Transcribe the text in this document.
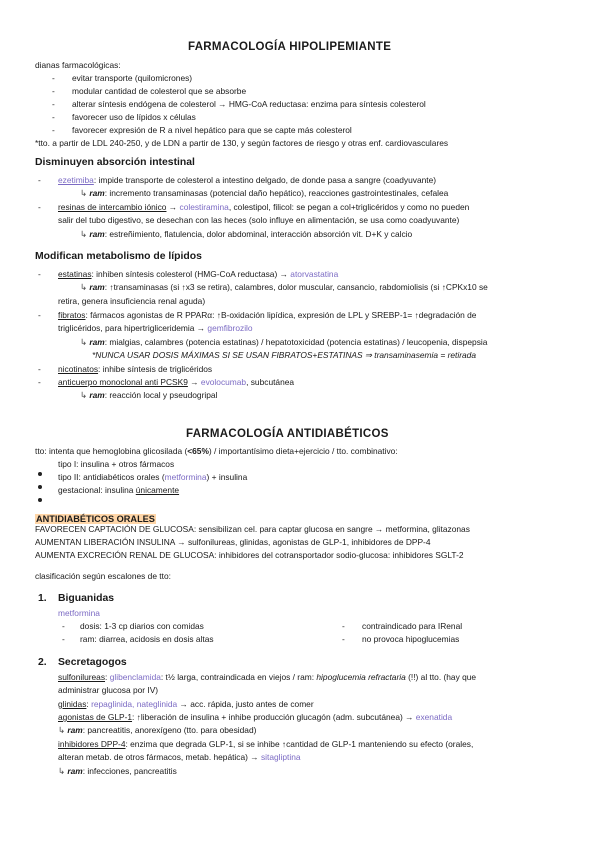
FARMACOLOGÍA HIPOLIPEMIANTE
dianas farmacológicas:
- evitar transporte (quilomicrones)
- modular cantidad de colesterol que se absorbe
- alterar síntesis endógena de colesterol → HMG-CoA reductasa: enzima para síntesis colesterol
- favorecer uso de lípidos x células
- favorecer expresión de R a nivel hepático para que se capte más colesterol
*tto. a partir de LDL 240-250, y de LDN a partir de 130, y según factores de riesgo y otras enf. cardiovasculares
Disminuyen absorción intestinal
- ezetimiba: impide transporte de colesterol a intestino delgado, de donde pasa a sangre (coadyuvante)
↳ ram: incremento transaminasas (potencial daño hepático), reacciones gastrointestinales, cefalea
- resinas de intercambio iónico → colestiramina, colestipol, filicol: se pegan a col+triglicéridos y como no pueden
salir del tubo digestivo, se desechan con las heces (solo influye en alimentación, se usa como coadyuvante)
↳ ram: estreñimiento, flatulencia, dolor abdominal, interacción absorción vit. D+K y calcio
Modifican metabolismo de lípidos
- estatinas: inhiben síntesis colesterol (HMG-CoA reductasa) → atorvastatina
↳ ram: ↑transaminasas (si ↑x3 se retira), calambres, dolor muscular, cansancio, rabdomiolisis (si ↑CPKx10 se
retira, genera insuficiencia renal aguda)
- fibratos: fármacos agonistas de R PPARα: ↑B-oxidación lipídica, expresión de LPL y SREBP-1= ↑degradación de
triglicéridos, para hipertrigliceridemia → gemfibrozilo
↳ ram: mialgias, calambres (potencia estatinas) / hepatotoxicidad (potencia estatinas) / leucopenia, dispepsia
*NUNCA USAR DOSIS MÁXIMAS SI SE USAN FIBRATOS+ESTATINAS ⇒ transaminasemia = retirada
- nicotinatos: inhibe síntesis de triglicéridos
- anticuerpo monoclonal anti PCSK9 → evolocumab, subcutánea
↳ ram: reacción local y pseudogripal
FARMACOLOGÍA ANTIDIABÉTICOS
tto: intenta que hemoglobina glicosilada (<65%) / importantísimo dieta+ejercicio / tto. combinativo:
tipo I: insulina + otros fármacos
tipo II: antidiabéticos orales (metformina) + insulina
gestacional: insulina únicamente
ANTIDIABÉTICOS ORALES
FAVORECEN CAPTACIÓN DE GLUCOSA: sensibilizan cel. para captar glucosa en sangre → metformina, glitazonas
AUMENTAN LIBERACIÓN INSULINA → sulfonilureas, glinidas, agonistas de GLP-1, inhibidores de DPP-4
AUMENTA EXCRECIÓN RENAL DE GLUCOSA: inhibidores del cotransportador sodio-glucosa: inhibidores SGLT-2
clasificación según escalones de tto:
1. Biguanidas
metformina
- dosis: 1-3 cp diarios con comidas
- ram: diarrea, acidosis en dosis altas
- contraindicado para IRenal
- no provoca hipoglucemias
2. Secretagogos
sulfonilureas: glibenclamida: t½ larga, contraindicada en viejos / ram: hipoglucemia refractaria (!!) al tto. (hay que
administrar glucosa por IV)
glinidas: repaglinida, nateglinida → acc. rápida, justo antes de comer
agonistas de GLP-1: ↑liberación de insulina + inhibe producción glucagón (adm. subcutánea) → exenatida
↳ ram: pancreatitis, anorexígeno (tto. para obesidad)
inhibidores DPP-4: enzima que degrada GLP-1, si se inhibe ↑cantidad de GLP-1 manteniendo su efecto (orales,
alteran metab. de otros fármacos, metab. hepática) → sitagliptina
↳ ram: infecciones, pancreatitis
